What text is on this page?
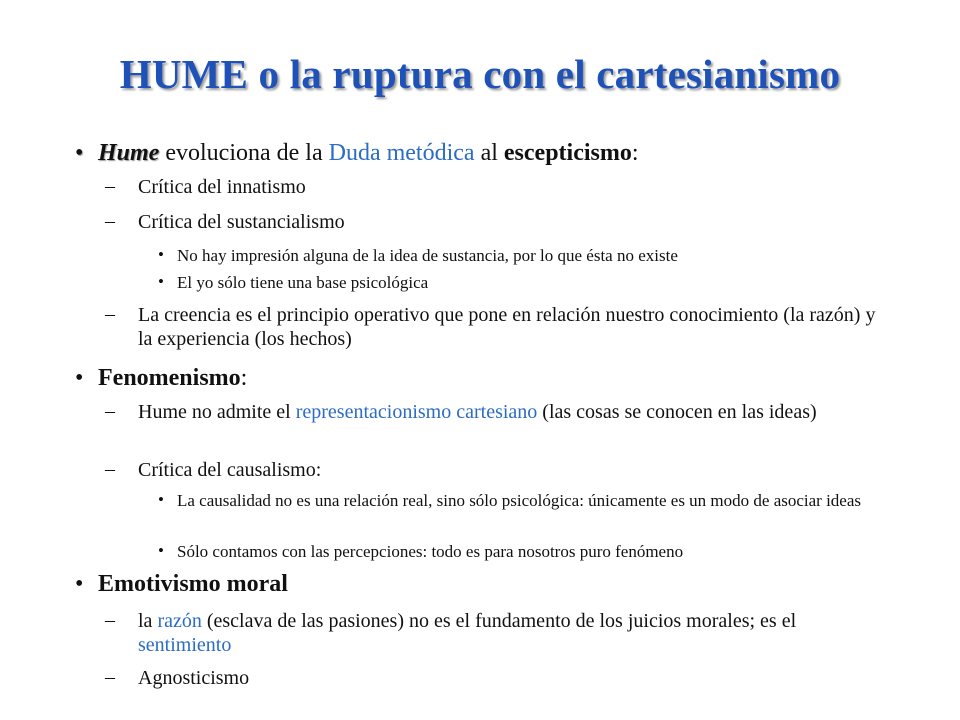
HUME o la ruptura con el cartesianismo
• Hume evoluciona de la Duda metódica al escepticismo:
– Crítica del innatismo
– Crítica del sustancialismo
• No hay impresión alguna de la idea de sustancia, por lo que ésta no existe
• El yo sólo tiene una base psicológica
– La creencia es el principio operativo que pone en relación nuestro conocimiento (la razón) y la experiencia (los hechos)
• Fenomenismo:
– Hume no admite el representacionismo cartesiano (las cosas se conocen en las ideas)
– Crítica del causalismo:
• La causalidad no es una relación real, sino sólo psicológica: únicamente es un modo de asociar ideas
• Sólo contamos con las percepciones: todo es para nosotros puro fenómeno
• Emotivismo moral
– la razón (esclava de las pasiones) no es el fundamento de los juicios morales; es el sentimiento
– Agnosticismo
